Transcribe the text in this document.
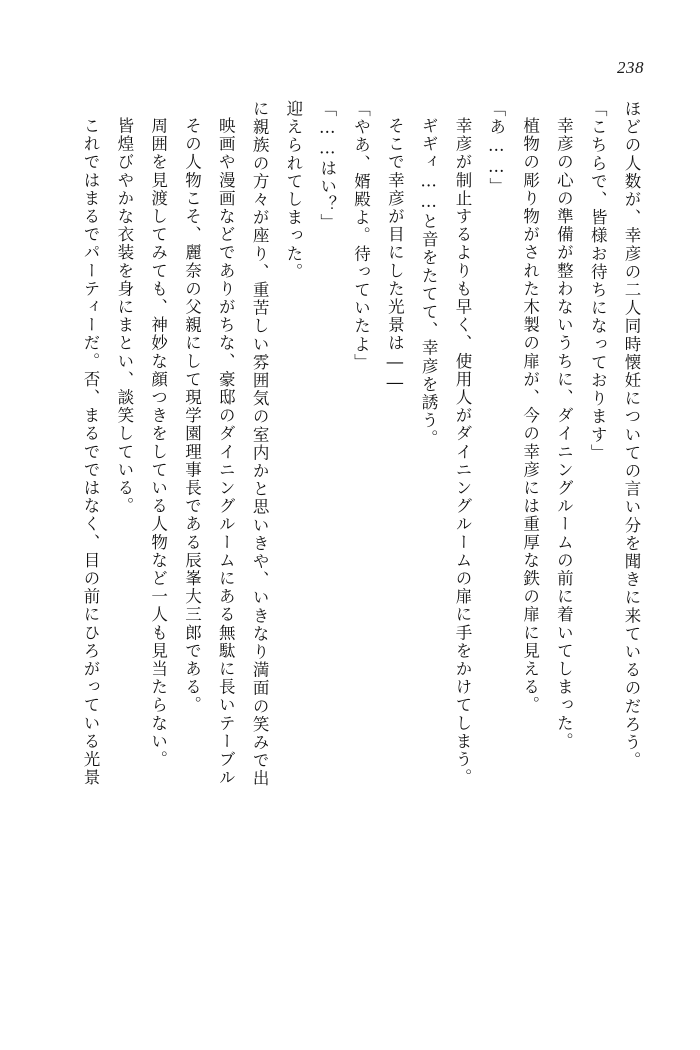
238

ほどの人数が、幸彦の二人同時懐妊についての言い分を聞きに来ているのだろう。

「こちらで、皆様お待ちになっております」

幸彦の心の準備が整わないうちに、ダイニングルームの前に着いてしまった。

植物の彫り物がされた木製の扉が、今の幸彦には重厚な鉄の扉に見える。

「あ……」

幸彦が制止するよりも早く、使用人がダイニングルームの扉に手をかけてしまう。

ギギィ……と音をたてて、幸彦を誘う。

そこで幸彦が目にした光景は――

「やあ、婿殿よ。待っていたよ」

「……はい？」

迎えられてしまった。

に親族の方々が座り、重苦しい雰囲気の室内かと思いきや、いきなり満面の笑みで出

映画や漫画などでありがちな、豪邸のダイニングルームにある無駄に長いテーブル

その人物こそ、麗奈の父親にして現学園理事長である辰峯大三郎である。

周囲を見渡してみても、神妙な顔つきをしている人物など一人も見当たらない。

皆煌びやかな衣装を身にまとい、談笑している。

これではまるでパーティーだ。否、まるでではなく、目の前にひろがっている光景
